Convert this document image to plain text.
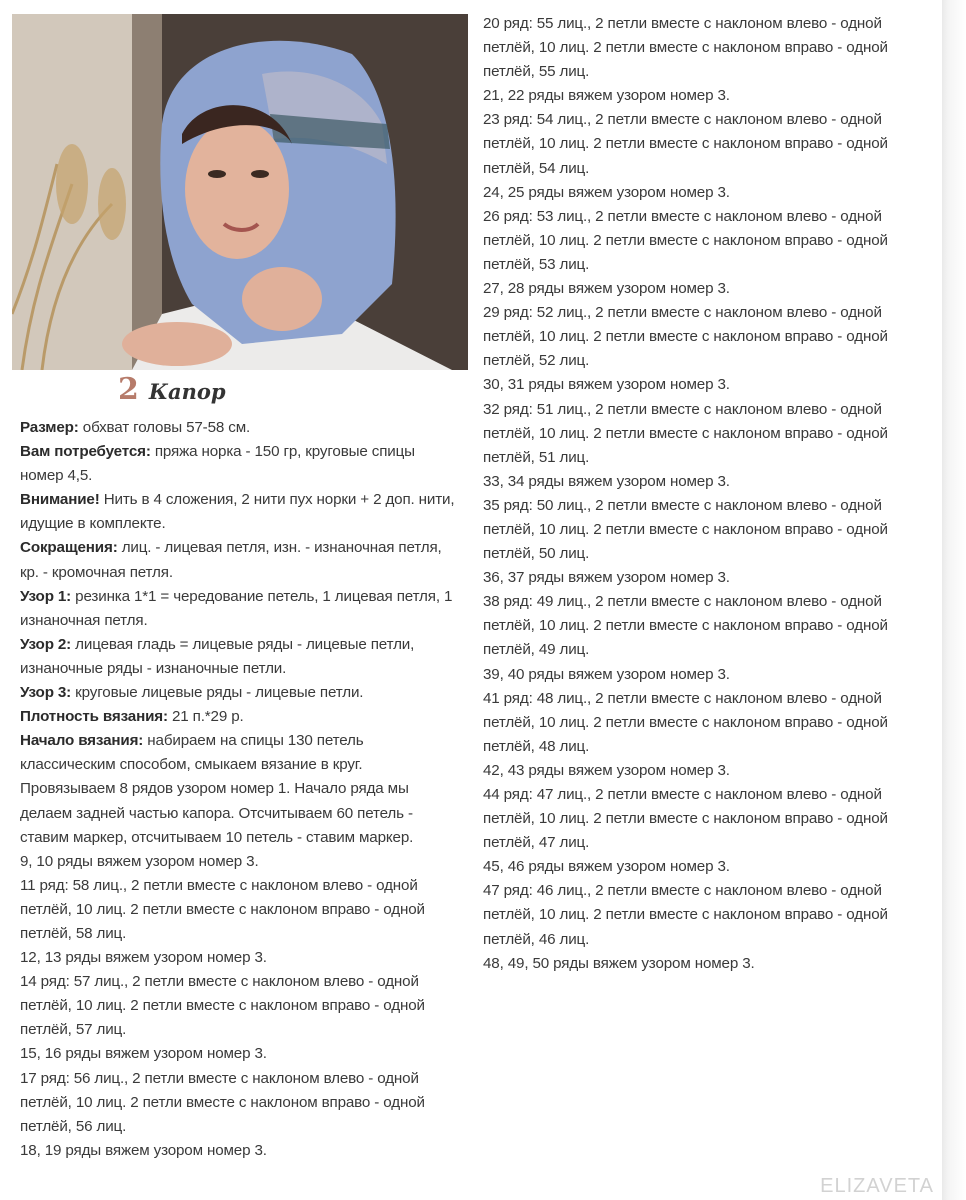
2 Капор

Размер: обхват головы 57-58 см.

Вам потребуется: пряжа норка - 150 гр, круговые спицы номер 4,5.

Внимание! Нить в 4 сложения, 2 нити пух норки + 2 доп. нити, идущие в комплекте.

Сокращения: лиц. - лицевая петля, изн. - изнаночная петля, кр. - кромочная петля.

Узор 1: резинка 1*1 = чередование петель, 1 лицевая петля, 1 изнаночная петля.

Узор 2: лицевая гладь = лицевые ряды - лицевые петли, изнаночные ряды - изнаночные петли.

Узор 3: круговые лицевые ряды - лицевые петли.

Плотность вязания: 21 п.*29 р.

Начало вязания: набираем на спицы 130 петель классическим способом, смыкаем вязание в круг. Провязываем 8 рядов узором номер 1. Начало ряда мы делаем задней частью капора. Отсчитываем 60 петель - ставим маркер, отсчитываем 10 петель - ставим маркер.

9, 10 ряды вяжем узором номер 3.

11 ряд: 58 лиц., 2 петли вместе с наклоном влево - одной петлёй, 10 лиц. 2 петли вместе с наклоном вправо - одной петлёй, 58 лиц.

12, 13 ряды вяжем узором номер 3.

14 ряд: 57 лиц., 2 петли вместе с наклоном влево - одной петлёй, 10 лиц. 2 петли вместе с наклоном вправо - одной петлёй, 57 лиц.

15, 16 ряды вяжем узором номер 3.

17 ряд: 56 лиц., 2 петли вместе с наклоном влево - одной петлёй, 10 лиц. 2 петли вместе с наклоном вправо - одной петлёй, 56 лиц.

18, 19 ряды вяжем узором номер 3.

20 ряд: 55 лиц., 2 петли вместе с наклоном влево - одной петлёй, 10 лиц. 2 петли вместе с наклоном вправо - одной петлёй, 55 лиц.

21, 22 ряды вяжем узором номер 3.

23 ряд: 54 лиц., 2 петли вместе с наклоном влево - одной петлёй, 10 лиц. 2 петли вместе с наклоном вправо - одной петлёй, 54 лиц.

24, 25 ряды вяжем узором номер 3.

26 ряд: 53 лиц., 2 петли вместе с наклоном влево - одной петлёй, 10 лиц. 2 петли вместе с наклоном вправо - одной петлёй, 53 лиц.

27, 28 ряды вяжем узором номер 3.

29 ряд: 52 лиц., 2 петли вместе с наклоном влево - одной петлёй, 10 лиц. 2 петли вместе с наклоном вправо - одной петлёй, 52 лиц.

30, 31 ряды вяжем узором номер 3.

32 ряд: 51 лиц., 2 петли вместе с наклоном влево - одной петлёй, 10 лиц. 2 петли вместе с наклоном вправо - одной петлёй, 51 лиц.

33, 34 ряды вяжем узором номер 3.

35 ряд: 50 лиц., 2 петли вместе с наклоном влево - одной петлёй, 10 лиц. 2 петли вместе с наклоном вправо - одной петлёй, 50 лиц.

36, 37 ряды вяжем узором номер 3.

38 ряд: 49 лиц., 2 петли вместе с наклоном влево - одной петлёй, 10 лиц. 2 петли вместе с наклоном вправо - одной петлёй, 49 лиц.

39, 40 ряды вяжем узором номер 3.

41 ряд: 48 лиц., 2 петли вместе с наклоном влево - одной петлёй, 10 лиц. 2 петли вместе с наклоном вправо - одной петлёй, 48 лиц.

42, 43 ряды вяжем узором номер 3.

44 ряд: 47 лиц., 2 петли вместе с наклоном влево - одной петлёй, 10 лиц. 2 петли вместе с наклоном вправо - одной петлёй, 47 лиц.

45, 46 ряды вяжем узором номер 3.

47 ряд: 46 лиц., 2 петли вместе с наклоном влево - одной петлёй, 10 лиц. 2 петли вместе с наклоном вправо - одной петлёй, 46 лиц.

48, 49, 50 ряды вяжем узором номер 3.

ELIZAVETA
